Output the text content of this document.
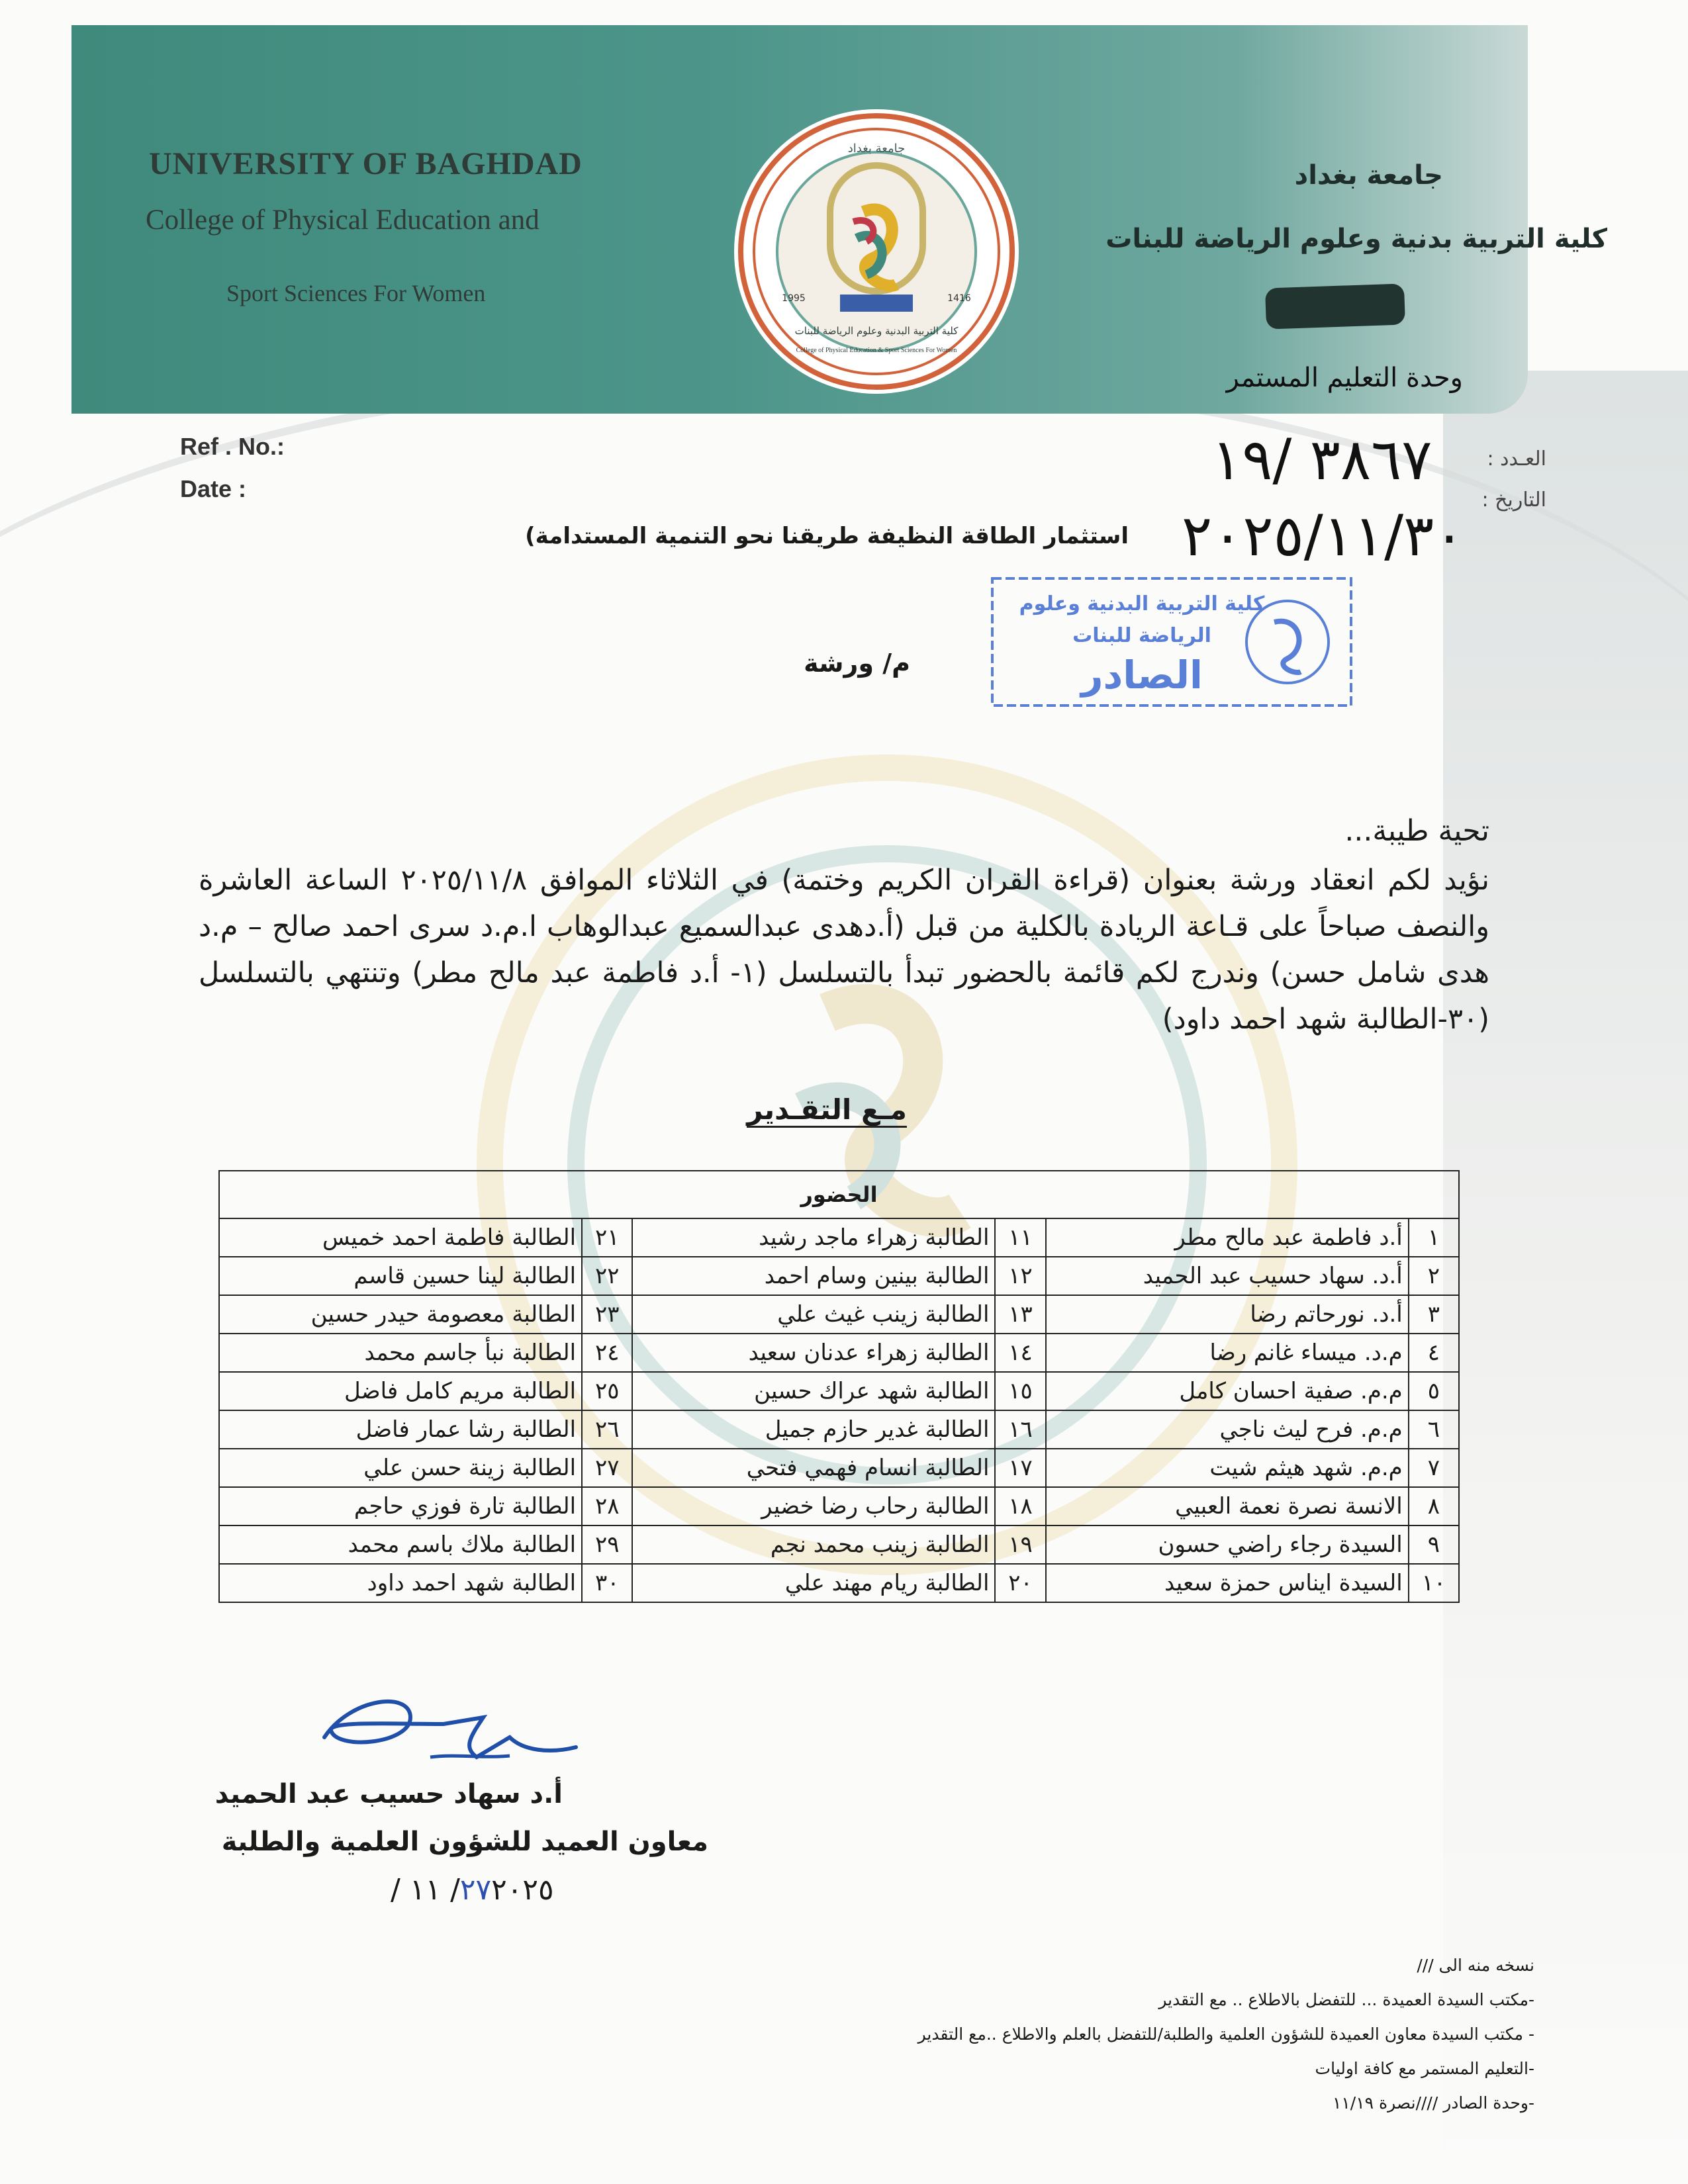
UNIVERSITY OF BAGHDAD
College of Physical Education and
Sport Sciences For Women
جامعة بغداد
كلية التربية بدنية وعلوم الرياضة للبنات
وحدة التعليم المستمر
جامعة بغداد
1995	1416
كلية التربية البدنية وعلوم الرياضة للبنات
College of Physical Education & Sport Sciences For Women
Ref . No.:
Date :
العـدد :
التاريخ :
٣٨٦٧ /١٩
٢٠٢٥/١١/٣٠
استثمار الطاقة النظيفة طريقنا نحو التنمية المستدامة)
كلية التربية البدنية وعلوم
الرياضة للبنات
الصادر
م/ ورشة
تحية طيبة...
نؤيد لكم انعقاد ورشة بعنوان (قراءة القران الكريم وختمة) في الثلاثاء الموافق ٢٠٢٥/١١/٨ الساعة العاشرة والنصف صباحاً على قـاعة الريادة بالكلية من قبل (أ.دهدى عبدالسميع عبدالوهاب ا.م.د سرى احمد صالح – م.د هدى شامل حسن) وندرج لكم قائمة بالحضور تبدأ بالتسلسل (١- أ.د فاطمة عبد مالح مطر) وتنتهي بالتسلسل (٣٠-الطالبة شهد احمد داود)
مـع التقـدير
الحضور					
١	أ.د فاطمة عبد مالح مطر	١١	الطالبة زهراء ماجد رشيد	٢١	الطالبة فاطمة احمد خميس
٢	أ.د. سهاد حسيب عبد الحميد	١٢	الطالبة بينين وسام احمد	٢٢	الطالبة لينا حسين قاسم
٣	أ.د. نورحاتم رضا	١٣	الطالبة زينب غيث علي	٢٣	الطالبة معصومة حيدر حسين
٤	م.د. ميساء غانم رضا	١٤	الطالبة زهراء عدنان سعيد	٢٤	الطالبة نبأ جاسم محمد
٥	م.م. صفية احسان كامل	١٥	الطالبة شهد عراك حسين	٢٥	الطالبة مريم كامل فاضل
٦	م.م. فرح ليث ناجي	١٦	الطالبة غدير حازم جميل	٢٦	الطالبة رشا عمار فاضل
٧	م.م. شهد هيثم شيت	١٧	الطالبة انسام فهمي فتحي	٢٧	الطالبة زينة حسن علي
٨	الانسة نصرة نعمة العبيي	١٨	الطالبة رحاب رضا خضير	٢٨	الطالبة تارة فوزي حاجم
٩	السيدة رجاء راضي حسون	١٩	الطالبة زينب محمد نجم	٢٩	الطالبة ملاك باسم محمد
١٠	السيدة ايناس حمزة سعيد	٢٠	الطالبة ريام مهند علي	٣٠	الطالبة شهد احمد داود
أ.د سهاد حسيب عبد الحميد
معاون العميد للشؤون العلمية والطلبة
٢٧٢٠٢٥/ ١١ /
نسخه منه الى ///
-مكتب السيدة العميدة ... للتفضل بالاطلاع .. مع التقدير
- مكتب السيدة معاون العميدة للشؤون العلمية والطلبة/للتفضل بالعلم والاطلاع ..مع التقدير
-التعليم المستمر مع كافة اوليات
-وحدة الصادر ////نصرة ١١/١٩
